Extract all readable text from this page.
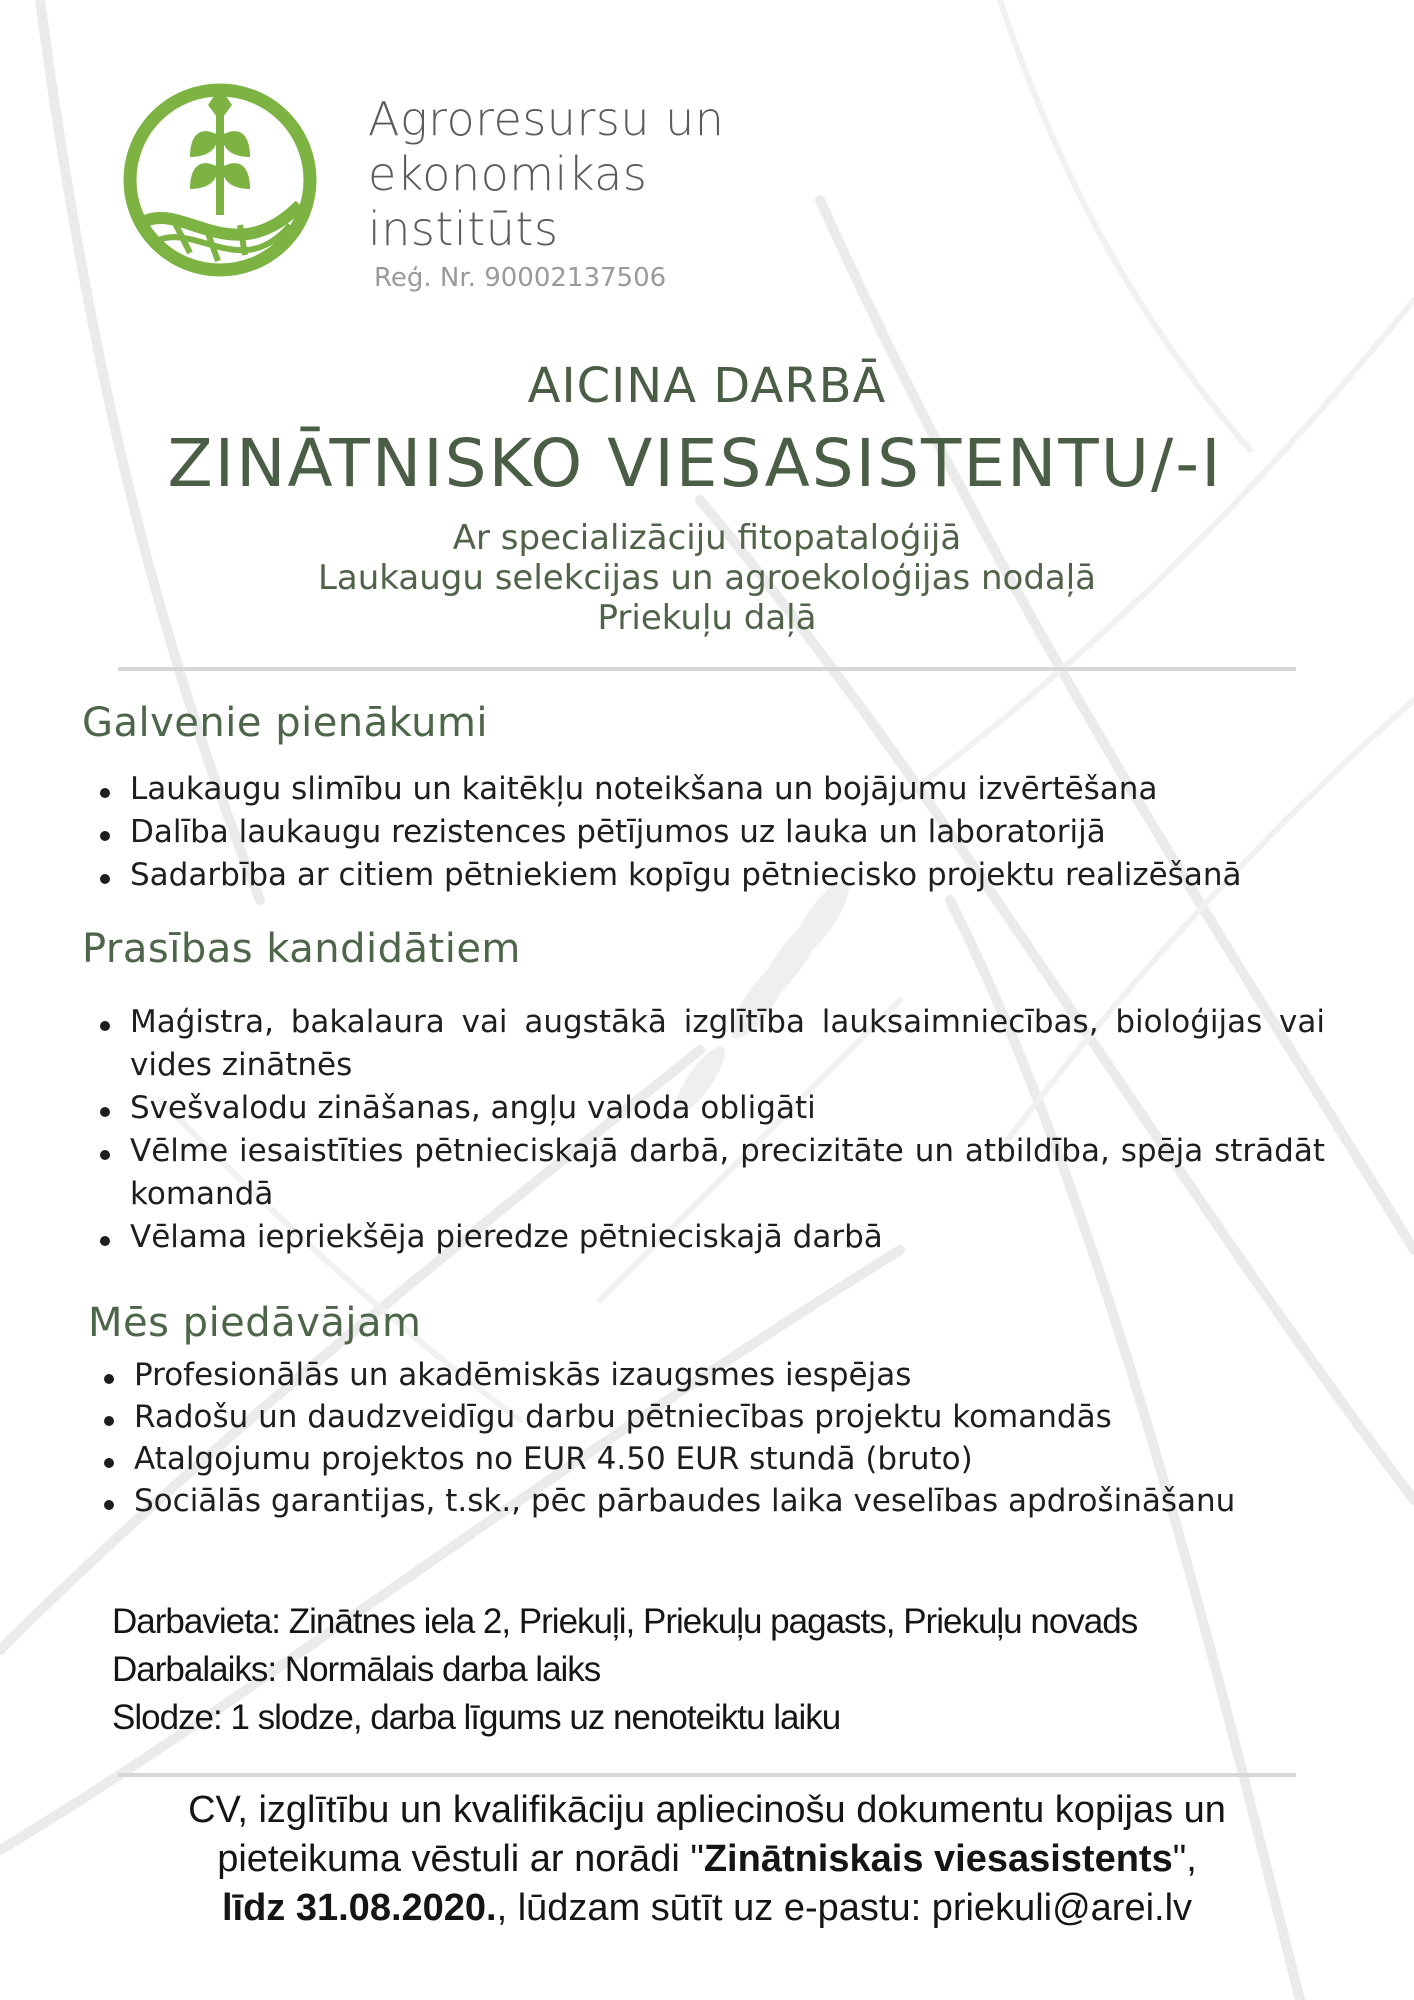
Agroresursu un
ekonomikas
institūts
Reģ. Nr. 90002137506
AICINA DARBĀ
ZINĀTNISKO VIESASISTENTU/-I
Ar specializāciju fitopataloģijā
Laukaugu selekcijas un agroekoloģijas nodaļā
Priekuļu daļā
Galvenie pienākumi
Laukaugu slimību un kaitēkļu noteikšana un bojājumu izvērtēšana
Dalība laukaugu rezistences pētījumos uz lauka un laboratorijā
Sadarbība ar citiem pētniekiem kopīgu pētniecisko projektu realizēšanā
Prasības kandidātiem
Maģistra, bakalaura vai augstākā izglītība lauksaimniecības, bioloģijas vai vides zinātnēs
Svešvalodu zināšanas, angļu valoda obligāti
Vēlme iesaistīties pētnieciskajā darbā, precizitāte un atbildība, spēja strādāt komandā
Vēlama iepriekšēja pieredze pētnieciskajā darbā
Mēs piedāvājam
Profesionālās un akadēmiskās izaugsmes iespējas
Radošu un daudzveidīgu darbu pētniecības projektu komandās
Atalgojumu projektos no EUR 4.50 EUR stundā (bruto)
Sociālās garantijas, t.sk., pēc pārbaudes laika veselības apdrošināšanu
Darbavieta: Zinātnes iela 2, Priekuļi, Priekuļu pagasts, Priekuļu novads
Darbalaiks: Normālais darba laiks
Slodze: 1 slodze, darba līgums uz nenoteiktu laiku
CV, izglītību un kvalifikāciju apliecinošu dokumentu kopijas un
pieteikuma vēstuli ar norādi "Zinātniskais viesasistents",
līdz 31.08.2020., lūdzam sūtīt uz e-pastu: priekuli@arei.lv
